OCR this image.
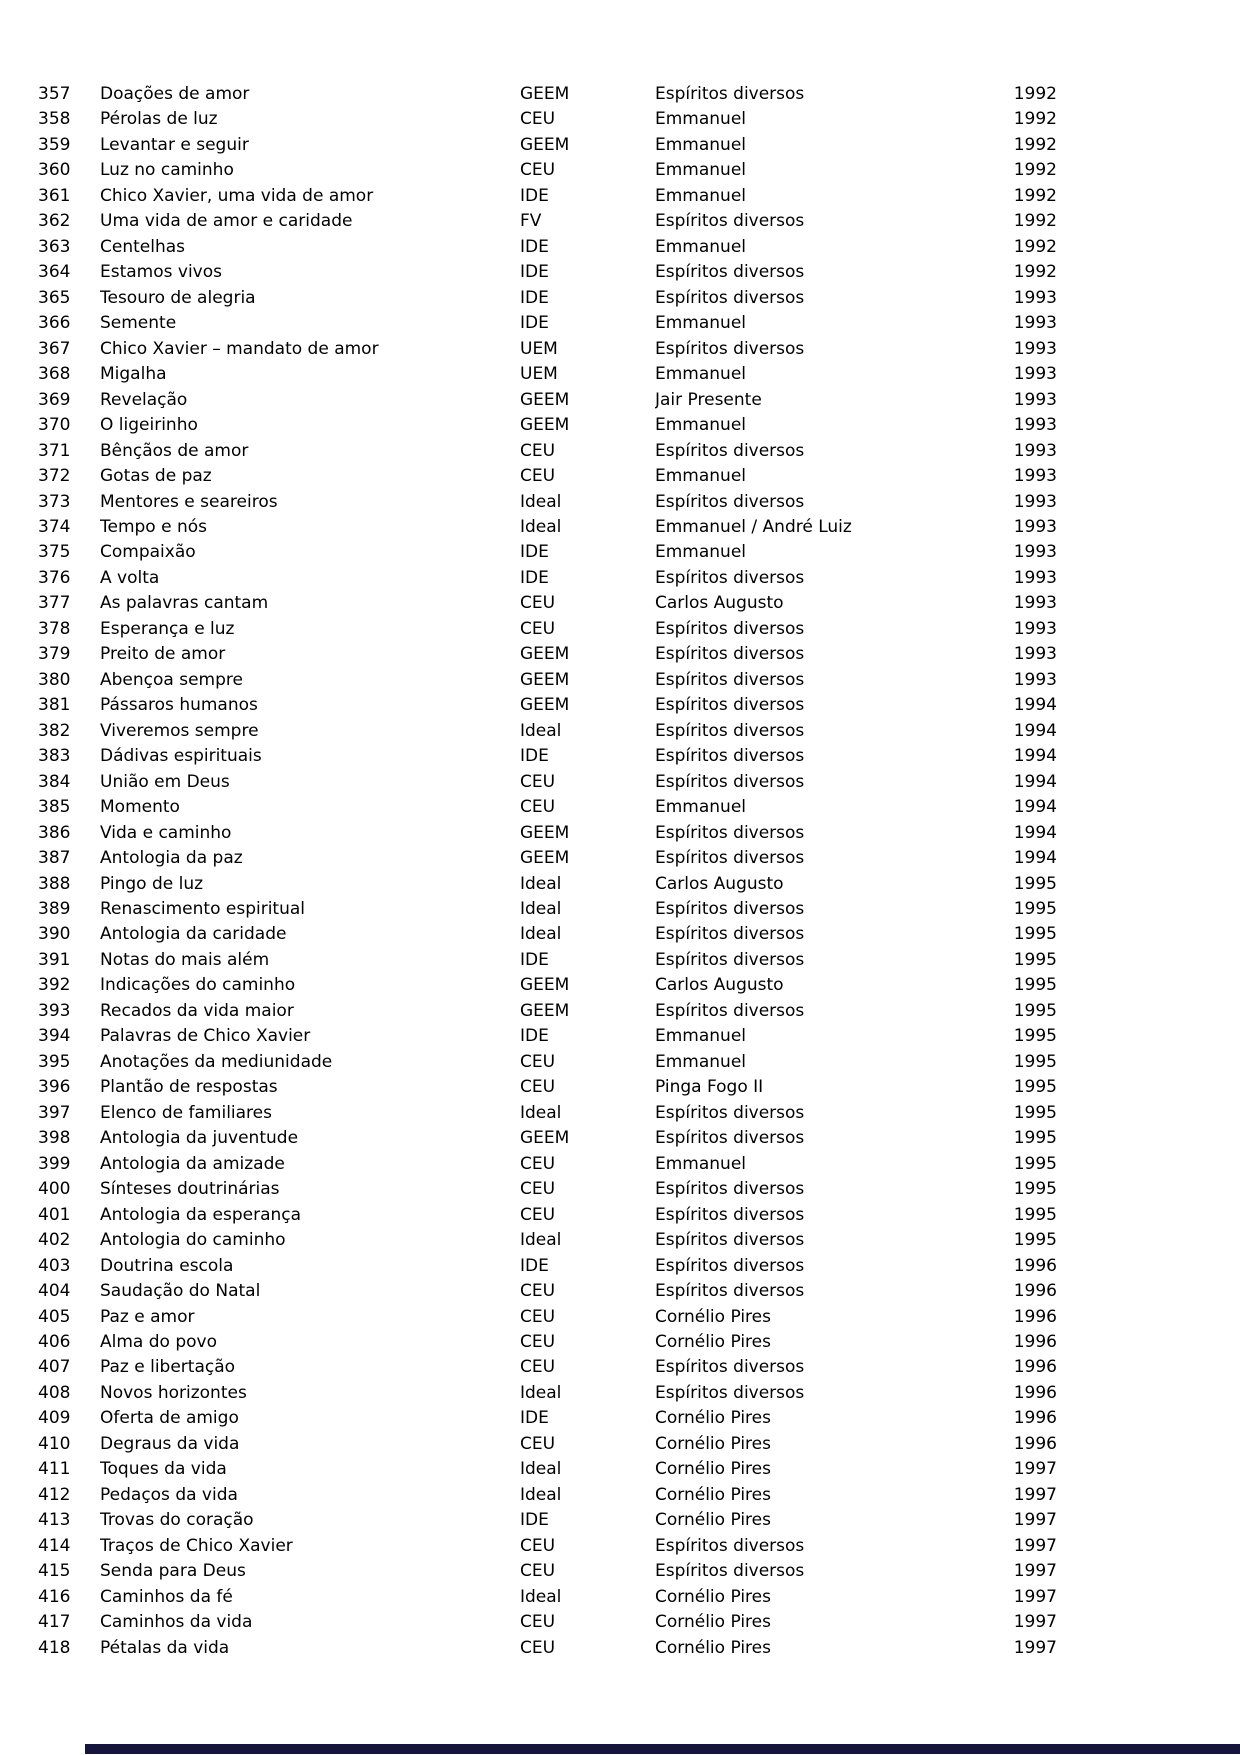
357	Doações de amor	GEEM	Espíritos diversos	1992
358	Pérolas de luz	CEU	Emmanuel	1992
359	Levantar e seguir	GEEM	Emmanuel	1992
360	Luz no caminho	CEU	Emmanuel	1992
361	Chico Xavier, uma vida de amor	IDE	Emmanuel	1992
362	Uma vida de amor e caridade	FV	Espíritos diversos	1992
363	Centelhas	IDE	Emmanuel	1992
364	Estamos vivos	IDE	Espíritos diversos	1992
365	Tesouro de alegria	IDE	Espíritos diversos	1993
366	Semente	IDE	Emmanuel	1993
367	Chico Xavier – mandato de amor	UEM	Espíritos diversos	1993
368	Migalha	UEM	Emmanuel	1993
369	Revelação	GEEM	Jair Presente	1993
370	O ligeirinho	GEEM	Emmanuel	1993
371	Bênçãos de amor	CEU	Espíritos diversos	1993
372	Gotas de paz	CEU	Emmanuel	1993
373	Mentores e seareiros	Ideal	Espíritos diversos	1993
374	Tempo e nós	Ideal	Emmanuel / André Luiz	1993
375	Compaixão	IDE	Emmanuel	1993
376	A volta	IDE	Espíritos diversos	1993
377	As palavras cantam	CEU	Carlos Augusto	1993
378	Esperança e luz	CEU	Espíritos diversos	1993
379	Preito de amor	GEEM	Espíritos diversos	1993
380	Abençoa sempre	GEEM	Espíritos diversos	1993
381	Pássaros humanos	GEEM	Espíritos diversos	1994
382	Viveremos sempre	Ideal	Espíritos diversos	1994
383	Dádivas espirituais	IDE	Espíritos diversos	1994
384	União em Deus	CEU	Espíritos diversos	1994
385	Momento	CEU	Emmanuel	1994
386	Vida e caminho	GEEM	Espíritos diversos	1994
387	Antologia da paz	GEEM	Espíritos diversos	1994
388	Pingo de luz	Ideal	Carlos Augusto	1995
389	Renascimento espiritual	Ideal	Espíritos diversos	1995
390	Antologia da caridade	Ideal	Espíritos diversos	1995
391	Notas do mais além	IDE	Espíritos diversos	1995
392	Indicações do caminho	GEEM	Carlos Augusto	1995
393	Recados da vida maior	GEEM	Espíritos diversos	1995
394	Palavras de Chico Xavier	IDE	Emmanuel	1995
395	Anotações da mediunidade	CEU	Emmanuel	1995
396	Plantão de respostas	CEU	Pinga Fogo II	1995
397	Elenco de familiares	Ideal	Espíritos diversos	1995
398	Antologia da juventude	GEEM	Espíritos diversos	1995
399	Antologia da amizade	CEU	Emmanuel	1995
400	Sínteses doutrinárias	CEU	Espíritos diversos	1995
401	Antologia da esperança	CEU	Espíritos diversos	1995
402	Antologia do caminho	Ideal	Espíritos diversos	1995
403	Doutrina escola	IDE	Espíritos diversos	1996
404	Saudação do Natal	CEU	Espíritos diversos	1996
405	Paz e amor	CEU	Cornélio Pires	1996
406	Alma do povo	CEU	Cornélio Pires	1996
407	Paz e libertação	CEU	Espíritos diversos	1996
408	Novos horizontes	Ideal	Espíritos diversos	1996
409	Oferta de amigo	IDE	Cornélio Pires	1996
410	Degraus da vida	CEU	Cornélio Pires	1996
411	Toques da vida	Ideal	Cornélio Pires	1997
412	Pedaços da vida	Ideal	Cornélio Pires	1997
413	Trovas do coração	IDE	Cornélio Pires	1997
414	Traços de Chico Xavier	CEU	Espíritos diversos	1997
415	Senda para Deus	CEU	Espíritos diversos	1997
416	Caminhos da fé	Ideal	Cornélio Pires	1997
417	Caminhos da vida	CEU	Cornélio Pires	1997
418	Pétalas da vida	CEU	Cornélio Pires	1997
